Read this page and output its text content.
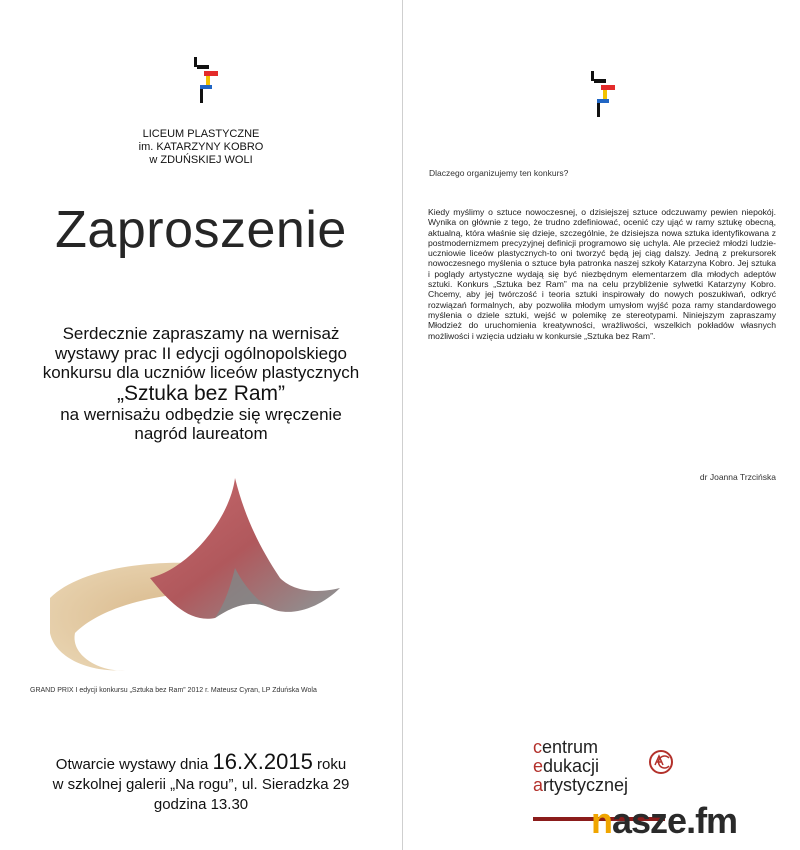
LICEUM PLASTYCZNE
im. KATARZYNY KOBRO
w ZDUŃSKIEJ WOLI
Zaproszenie
Serdecznie zapraszamy na wernisaż
wystawy prac II edycji ogólnopolskiego
konkursu dla uczniów liceów plastycznych
„Sztuka bez Ram”
na wernisażu odbędzie się wręczenie
nagród laureatom
GRAND PRIX I edycji konkursu „Sztuka bez Ram” 2012 r. Mateusz Cyran, LP Zduńska Wola
Otwarcie wystawy dnia 16.X.2015 roku
w szkolnej galerii „Na rogu”, ul. Sieradzka 29
godzina 13.30
Dlaczego organizujemy ten konkurs?

Kiedy myślimy o sztuce nowoczesnej, o dzisiejszej sztuce odczuwamy pewien niepokój. Wynika on głównie z tego, że trudno zdefiniować, ocenić czy ująć w ramy sztukę obecną, aktualną, która właśnie się dzieje, szczególnie, że dzisiejsza nowa sztuka identyfikowana z postmodernizmem precyzyjnej definicji programowo się uchyla. Ale przecież młodzi ludzie-uczniowie liceów plastycznych-to oni tworzyć będą jej ciąg dalszy. Jedną z prekursorek nowoczesnego myślenia o sztuce była patronka naszej szkoły Katarzyna Kobro. Jej sztuka i poglądy artystyczne wydają się być niezbędnym elementarzem dla młodych adeptów sztuki. Konkurs „Sztuka bez Ram” ma na celu przybliżenie sylwetki Katarzyny Kobro. Chcemy, aby jej twórczość i teoria sztuki inspirowały do nowych poszukiwań, odkryć rozwiązań formalnych, aby pozwoliła młodym umysłom wyjść poza ramy standardowego myślenia o dziele sztuki, wejść w polemikę ze stereotypami. Niniejszym zapraszamy Młodzież do uruchomienia kreatywności, wrażliwości, wszelkich pokładów własnych możliwości i wzięcia udziału w konkursie „Sztuka bez Ram”.

dr Joanna Trzcińska
centrum
edukacji
artystycznej
nasze.fm
